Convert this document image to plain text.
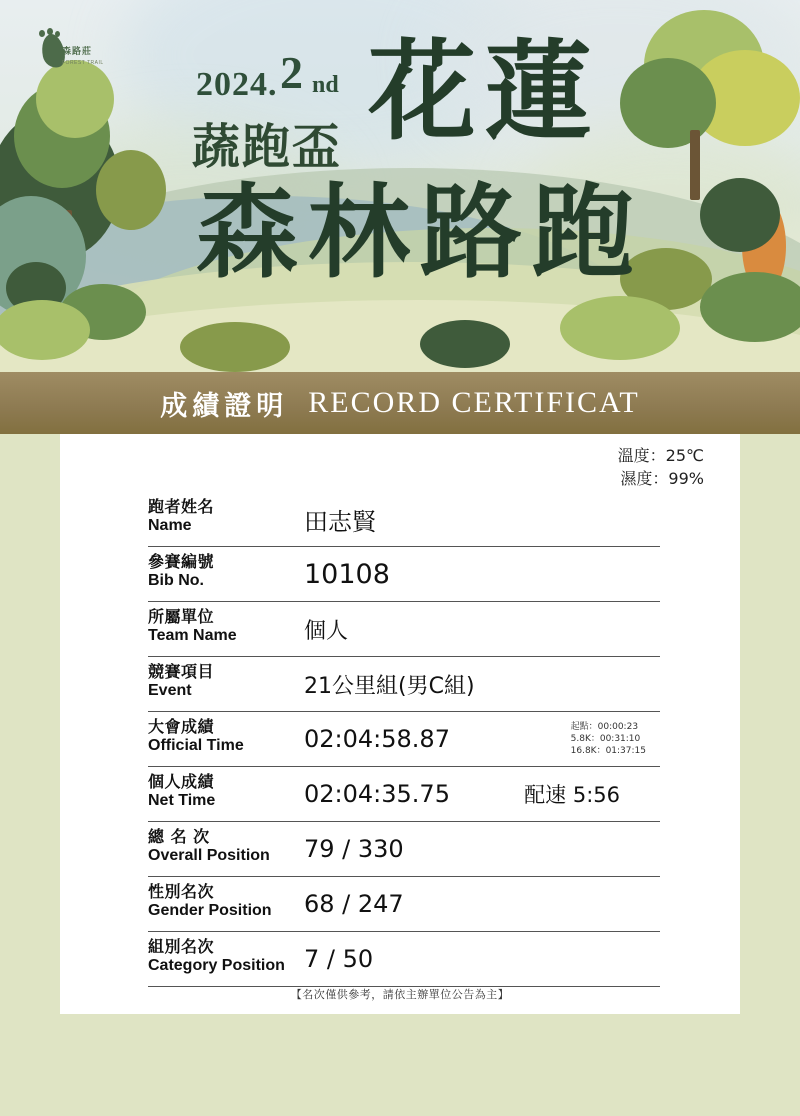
森路莊
FOREST TRAIL
2024. 2 nd
蔬跑盃 花蓮
森林路跑
成績證明 RECORD CERTIFICAT
溫度：25℃
濕度：99%
跑者姓名
Name	田志賢
參賽編號
Bib No.	10108
所屬單位
Team Name	個人
競賽項目
Event	21公里組(男C組)
大會成績
Official Time	02:04:58.87	起點：00:00:23
5.8K：00:31:10
16.8K：01:37:15
個人成績
Net Time	02:04:35.75	配速 5:56
總 名 次
Overall Position	79 / 330
性別名次
Gender Position	68 / 247
組別名次
Category Position 7 / 50
【名次僅供參考，請依主辦單位公告為主】
